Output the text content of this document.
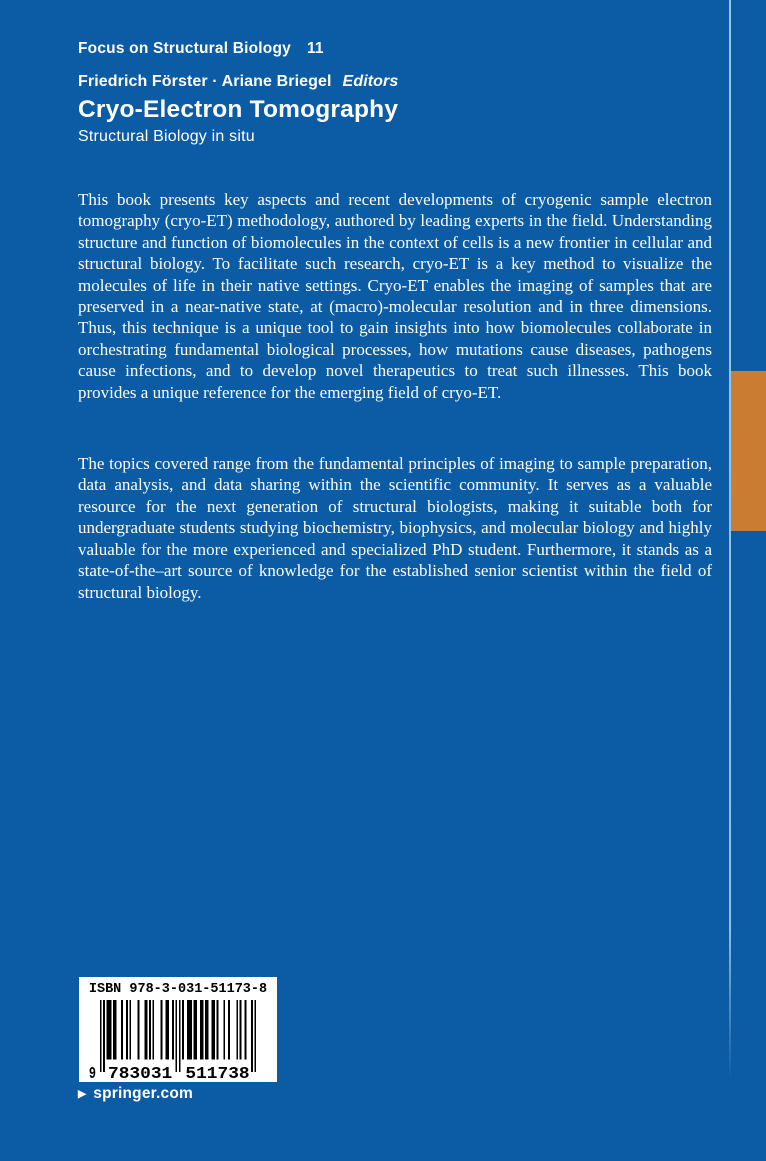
Focus on Structural Biology 11
Friedrich Förster · Ariane Briegel Editors
Cryo-Electron Tomography
Structural Biology in situ

This book presents key aspects and recent developments of cryogenic sample electron tomography (cryo-ET) methodology, authored by leading experts in the field. Understanding structure and function of biomolecules in the context of cells is a new frontier in cellular and structural biology. To facilitate such research, cryo-ET is a key method to visualize the molecules of life in their native settings. Cryo-ET enables the imaging of samples that are preserved in a near-native state, at (macro)-molecular resolution and in three dimensions. Thus, this technique is a unique tool to gain insights into how biomolecules collaborate in orchestrating fundamental biological processes, how mutations cause diseases, pathogens cause infections, and to develop novel therapeutics to treat such illnesses. This book provides a unique reference for the emerging field of cryo-ET.

The topics covered range from the fundamental principles of imaging to sample preparation, data analysis, and data sharing within the scientific community. It serves as a valuable resource for the next generation of structural biologists, making it suitable both for undergraduate students studying biochemistry, biophysics, and molecular biology and highly valuable for the more experienced and specialized PhD student. Furthermore, it stands as a state-of-the–art source of knowledge for the established senior scientist within the field of structural biology.

ISBN 978-3-031-51173-8
9 783031 511738
▶ springer.com
